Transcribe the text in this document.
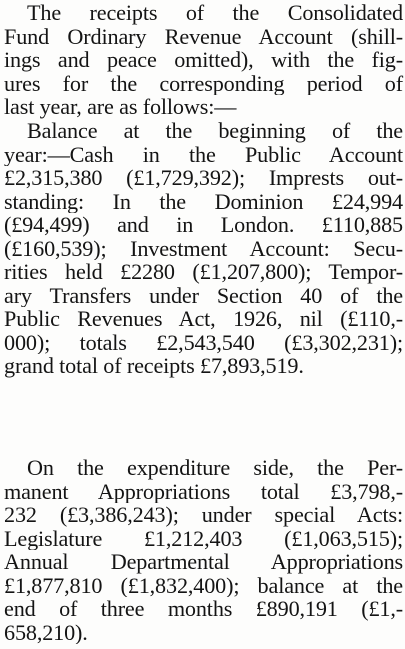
The receipts of the Consolidated
Fund Ordinary Revenue Account (shill-
ings and peace omitted), with the fig-
ures for the corresponding period of
last year, are as follows:—
Balance at the beginning of the
year:—Cash in the Public Account
£2,315,380 (£1,729,392); Imprests out-
standing: In the Dominion £24,994
(£94,499) and in London. £110,885
(£160,539); Investment Account: Secu-
rities held £2280 (£1,207,800); Tempor-
ary Transfers under Section 40 of the
Public Revenues Act, 1926, nil (£110,-
000); totals £2,543,540 (£3,302,231);
grand total of receipts £7,893,519.
On the expenditure side, the Per-
manent Appropriations total £3,798,-
232 (£3,386,243); under special Acts:
Legislature £1,212,403 (£1,063,515);
Annual Departmental Appropriations
£1,877,810 (£1,832,400); balance at the
end of three months £890,191 (£1,-
658,210).
